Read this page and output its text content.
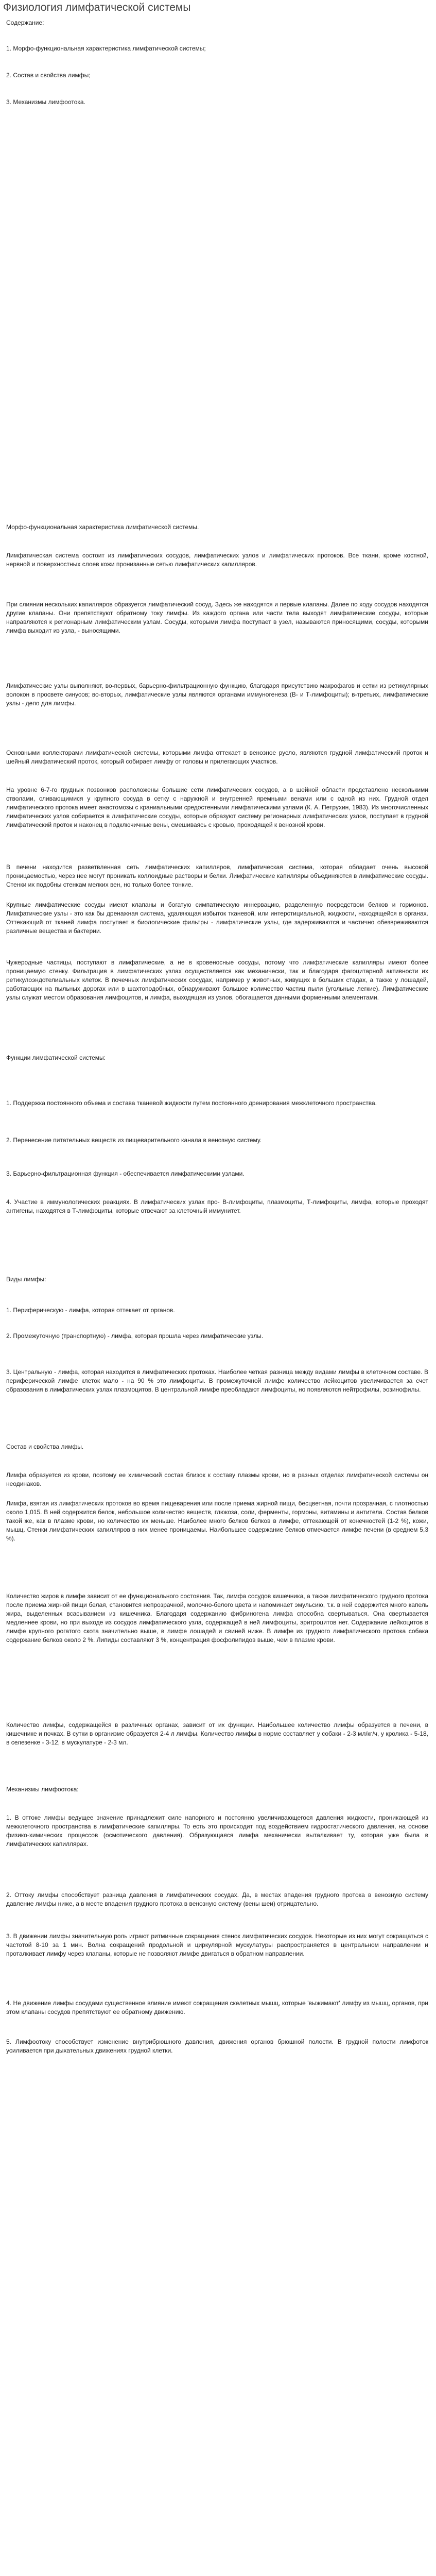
Физиология лимфатической системы

Содержание:

1. Морфо-функциональная характеристика лимфатической системы;

2. Состав и свойства лимфы;

3. Механизмы лимфоотока.

Морфо-функциональная характеристика лимфатической системы.

Лимфатическая система состоит из лимфатических сосудов, лимфатических узлов и лимфатических протоков. Все ткани, кроме костной, нервной и поверхностных слоев кожи пронизанные сетью лимфатических капилляров.

При слиянии нескольких капилляров образуется лимфатический сосуд. Здесь же находятся и первые клапаны. Далее по ходу сосудов находятся другие клапаны. Они препятствуют обратному току лимфы. Из каждого органа или части тела выходят лимфатические сосуды, которые направляются к регионарным лимфатическим узлам. Сосуды, которыми лимфа поступает в узел, называются приносящими, сосуды, которыми лимфа выходит из узла, - выносящими.

Лимфатические узлы выполняют, во-первых, барьерно-фильтрационную функцию, благодаря присутствию макрофагов и сетки из ретикулярных волокон в просвете синусов; во-вторых, лимфатические узлы являются органами иммуногенеза (В- и Т-лимфоциты); в-третьих, лимфатические узлы - депо для лимфы.

Основными коллекторами лимфатической системы, которыми лимфа оттекает в венозное русло, являются грудной лимфатический проток и шейный лимфатический проток, который собирает лимфу от головы и прилегающих участков.

На уровне 6-7-го грудных позвонков расположены большие сети лимфатических сосудов, а в шейной области представлено несколькими стволами, сливающимися у крупного сосуда в сетку с наружной и внутренней яремными венами или с одной из них. Грудной отдел лимфатического протока имеет анастомозы с краниальными средостенными лимфатическими узлами (К. А. Петрухин, 1983). Из многочисленных лимфатических узлов собирается в лимфатические сосуды, которые образуют систему регионарных лимфатических узлов, поступает в грудной лимфатический проток и наконец в подключичные вены, смешиваясь с кровью, проходящей к венозной крови.

В печени находится разветвленная сеть лимфатических капилляров, лимфатическая система, которая обладает очень высокой проницаемостью, через нее могут проникать коллоидные растворы и белки. Лимфатические капилляры объединяются в лимфатические сосуды. Стенки их подобны стенкам мелких вен, но только более тонкие.

Крупные лимфатические сосуды имеют клапаны и богатую симпатическую иннервацию, разделенную посредством белков и гормонов. Лимфатические узлы - это как бы дренажная система, удаляющая избыток тканевой, или интерстициальной, жидкости, находящейся в органах. Оттекающий от тканей лимфа поступает в биологические фильтры - лимфатические узлы, где задерживаются и частично обезвреживаются различные вещества и бактерии.

Чужеродные частицы, поступают в лимфатические, а не в кровеносные сосуды, потому что лимфатические капилляры имеют более проницаемую стенку. Фильтрация в лимфатических узлах осуществляется как механически, так и благодаря фагоцитарной активности их ретикулоэндотелиальных клеток. В почечных лимфатических сосудах, например у животных, живущих в больших стадах, а также у лошадей, работающих на пыльных дорогах или в шахтоподобных, обнаруживают большое количество частиц пыли (угольные легкие). Лимфатические узлы служат местом образования лимфоцитов, и лимфа, выходящая из узлов, обогащается данными форменными элементами.

Функции лимфатической системы:

1. Поддержка постоянного объема и состава тканевой жидкости путем постоянного дренирования межклеточного пространства.

2. Перенесение питательных веществ из пищеварительного канала в венозную систему.

3. Барьерно-фильтрационная функция - обеспечивается лимфатическими узлами.

4. Участие в иммунологических реакциях. В лимфатических узлах про- В-лимфоциты, плазмоциты, Т-лимфоциты, лимфа, которые проходят антигены, находятся в Т-лимфоциты, которые отвечают за клеточный иммунитет.

Виды лимфы:

1. Периферическую - лимфа, которая оттекает от органов.

2. Промежуточную (транспортную) - лимфа, которая прошла через лимфатические узлы.

3. Центральную - лимфа, которая находится в лимфатических протоках. Наиболее четкая разница между видами лимфы в клеточном составе. В периферической лимфе клеток мало - на 90 % это лимфоциты. В промежуточной лимфе количество лейкоцитов увеличивается за счет образования в лимфатических узлах плазмоцитов. В центральной лимфе преобладают лимфоциты, но появляются нейтрофилы, эозинофилы.

Состав и свойства лимфы.

Лимфа образуется из крови, поэтому ее химический состав близок к составу плазмы крови, но в разных отделах лимфатической системы он неодинаков.

Лимфа, взятая из лимфатических протоков во время пищеварения или после приема жирной пищи, бесцветная, почти прозрачная, с плотностью около 1,015. В ней содержится белок, небольшое количество веществ, глюкоза, соли, ферменты, гормоны, витамины и антитела. Состав белков такой же, как в плазме крови, но количество их меньше. Наиболее много белков белков в лимфе, оттекающей от конечностей (1-2 %), кожи, мышц. Стенки лимфатических капилляров в них менее проницаемы. Наибольшее содержание белков отмечается лимфе печени (в среднем 5,3 %).

Количество жиров в лимфе зависит от ее функционального состояния. Так, лимфа сосудов кишечника, а также лимфатического грудного протока после приема жирной пищи белая, становится непрозрачной, молочно-белого цвета и напоминает эмульсию, т.к. в ней содержится много капель жира, выделенных всасыванием из кишечника. Благодаря содержанию фибриногена лимфа способна свертываться. Она свертывается медленнее крови, но при выходе из сосудов лимфатического узла, содержащей в ней лимфоциты, эритроцитов нет. Содержание лейкоцитов в лимфе крупного рогатого скота значительно выше, в лимфе лошадей и свиней ниже. В лимфе из грудного лимфатического протока собака содержание белков около 2 %. Липиды составляют 3 %, концентрация фосфолипидов выше, чем в плазме крови.

Количество лимфы, содержащейся в различных органах, зависит от их функции. Наибольшее количество лимфы образуется в печени, в кишечнике и почках. В сутки в организме образуется 2-4 л лимфы. Количество лимфы в норме составляет у собаки - 2-3 мл/кг/ч, у кролика - 5-18, в селезенке - 3-12, в мускулатуре - 2-3 мл.

Механизмы лимфоотока:

1. В оттоке лимфы ведущее значение принадлежит силе напорного и постоянно увеличивающегося давления жидкости, проникающей из межклеточного пространства в лимфатические капилляры. То есть это происходит под воздействием гидростатического давления, на основе физико-химических процессов (осмотического давления). Образующаяся лимфа механически выталкивает ту, которая уже была в лимфатических капиллярах.

2. Оттоку лимфы способствует разница давления в лимфатических сосудах. Да, в местах впадения грудного протока в венозную систему давление лимфы ниже, а в месте впадения грудного протока в венозную систему (вены шеи) отрицательно.

3. В движении лимфы значительную роль играют ритмичные сокращения стенок лимфатических сосудов. Некоторые из них могут сокращаться с частотой 8-10 за 1 мин. Волна сокращений продольной и циркулярной мускулатуры распространяется в центральном направлении и проталкивает лимфу через клапаны, которые не позволяют лимфе двигаться в обратном направлении.

4. Не движение лимфы сосудами существенное влияние имеют сокращения скелетных мышц, которые 'выжимают' лимфу из мышц, органов, при этом клапаны сосудов препятствуют ее обратному движению.

5. Лимфоотоку способствует изменение внутрибрюшного давления, движения органов брюшной полости. В грудной полости лимфоток усиливается при дыхательных движениях грудной клетки.
